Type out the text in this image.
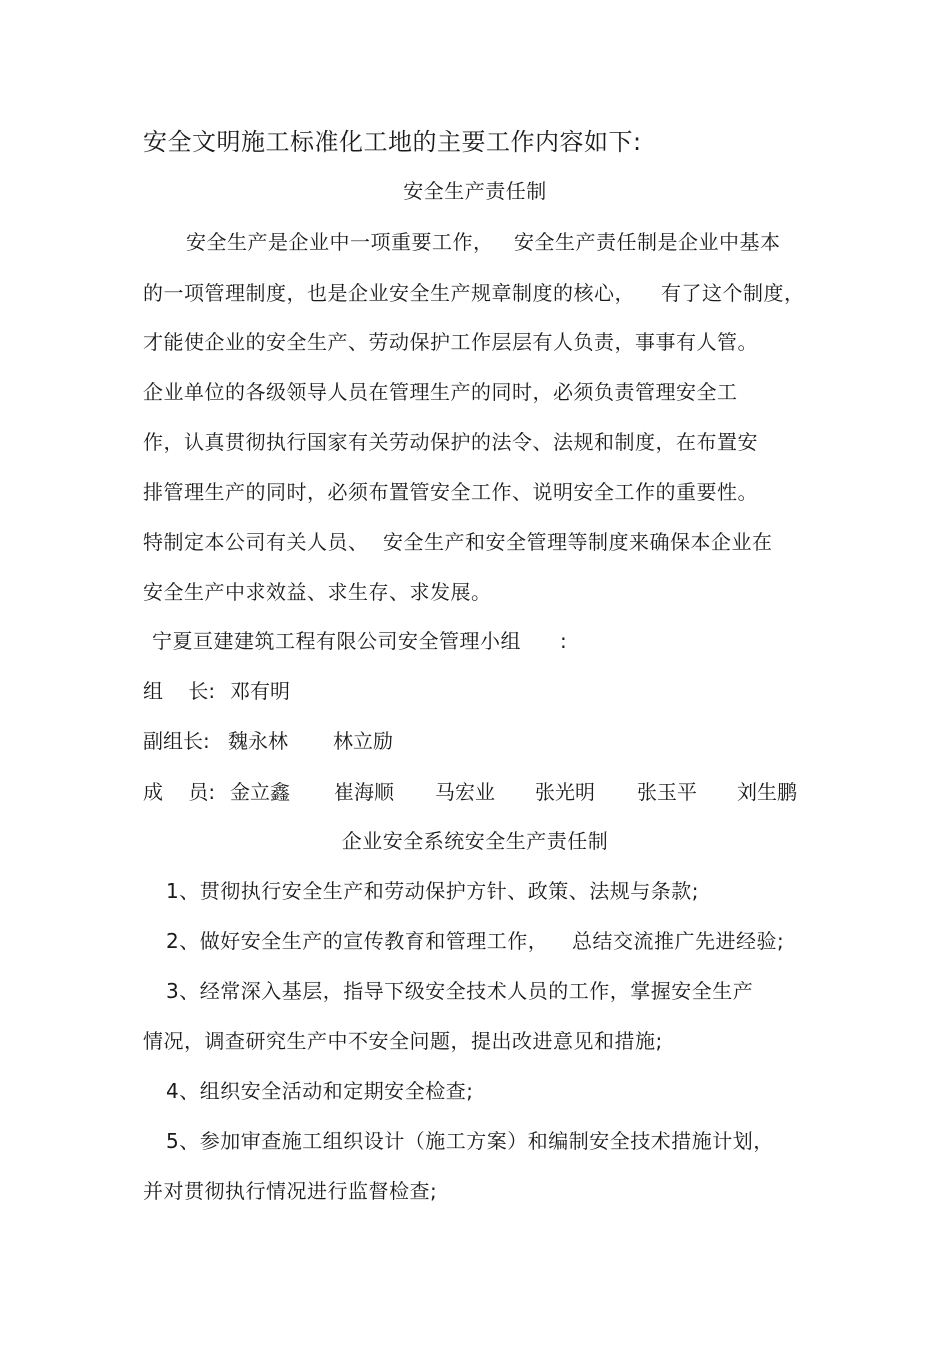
安全文明施工标准化工地的主要工作内容如下:
安全生产责任制
安全生产是企业中一项重要工作， 安全生产责任制是企业中基本
的一项管理制度，也是企业安全生产规章制度的核心， 有了这个制度，
才能使企业的安全生产、劳动保护工作层层有人负责，事事有人管。
企业单位的各级领导人员在管理生产的同时，必须负责管理安全工
作，认真贯彻执行国家有关劳动保护的法令、法规和制度，在布置安
排管理生产的同时，必须布置管安全工作、说明安全工作的重要性。
特制定本公司有关人员、 安全生产和安全管理等制度来确保本企业在
安全生产中求效益、求生存、求发展。
宁夏亘建建筑工程有限公司安全管理小组 :

组    长:

邓有明

副组长:

魏永林

林立励

成    员:

金立鑫

崔海顺

马宏业

张光明

张玉平

刘生鹏

企业安全系统安全生产责任制
1、贯彻执行安全生产和劳动保护方针、政策、法规与条款;
2、做好安全生产的宣传教育和管理工作， 总结交流推广先进经验;
3、经常深入基层，指导下级安全技术人员的工作，掌握安全生产
情况，调查研究生产中不安全问题，提出改进意见和措施;
4、组织安全活动和定期安全检查;
5、参加审查施工组织设计（施工方案）和编制安全技术措施计划，
并对贯彻执行情况进行监督检查;
